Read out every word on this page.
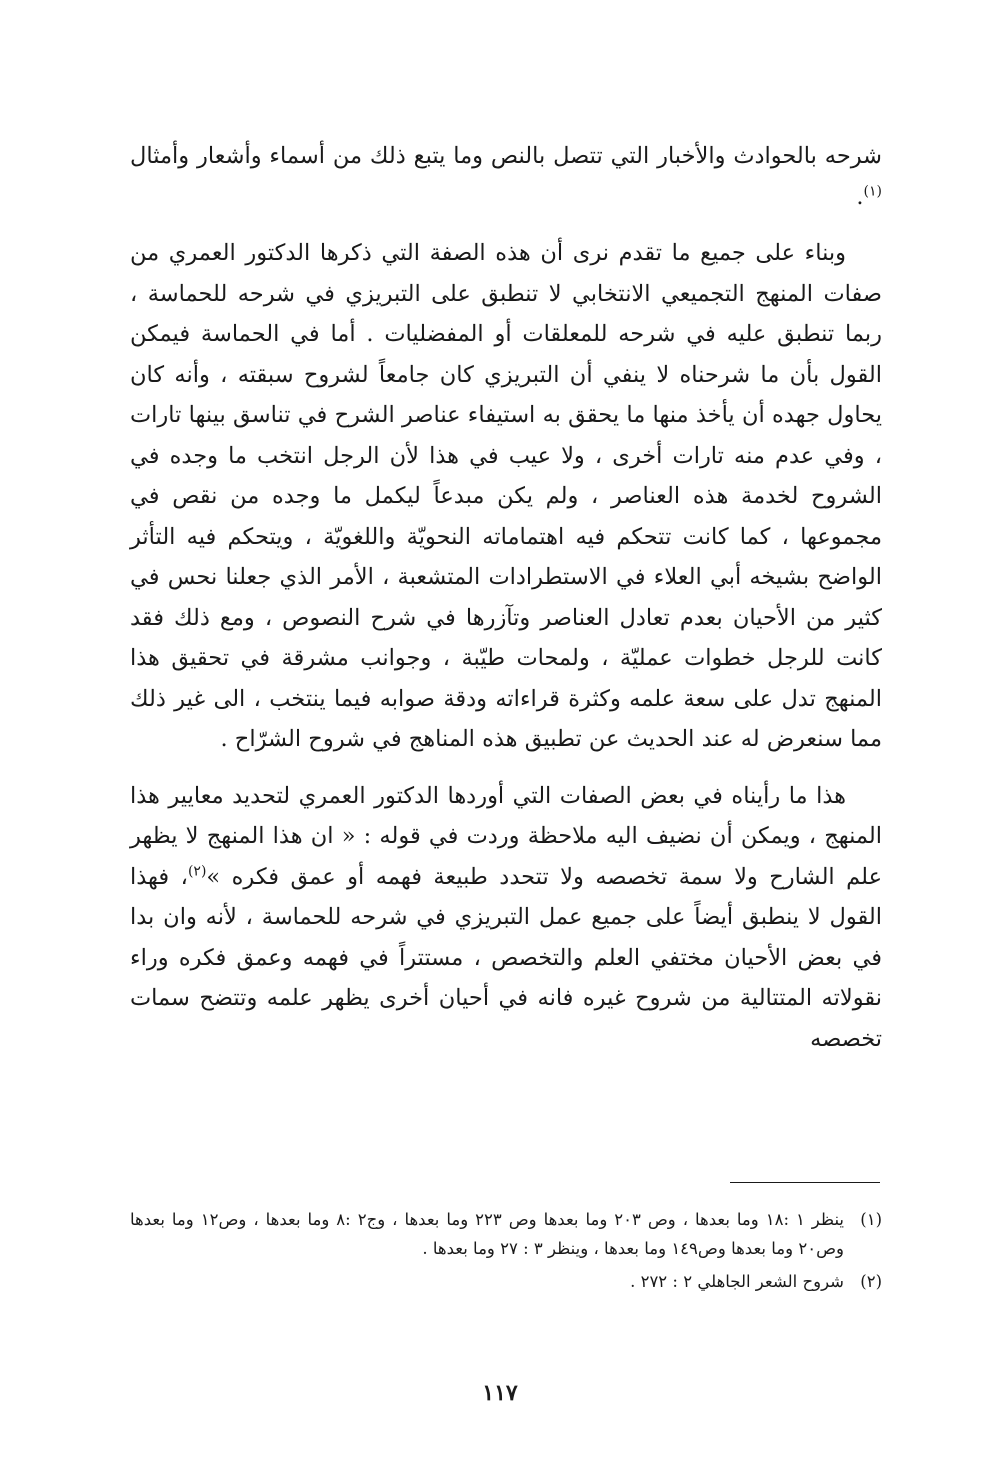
شرحه بالحوادث والأخبار التي تتصل بالنص وما يتبع ذلك من أسماء وأشعار وأمثال $^{(١)}$.

وبناء على جميع ما تقدم نرى أن هذه الصفة التي ذكرها الدكتور العمري من صفات المنهج التجميعي الانتخابي لا تنطبق على التبريزي في شرحه للحماسة ، ربما تنطبق عليه في شرحه للمعلقات أو المفضليات . أما في الحماسة فيمكن القول بأن ما شرحناه لا ينفي أن التبريزي كان جامعاً لشروح سبقته ، وأنه كان يحاول جهده أن يأخذ منها ما يحقق به استيفاء عناصر الشرح في تناسق بينها تارات ، وفي عدم منه تارات أخرى ، ولا عيب في هذا لأن الرجل انتخب ما وجده في الشروح لخدمة هذه العناصر ، ولم يكن مبدعاً ليكمل ما وجده من نقص في مجموعها ، كما كانت تتحكم فيه اهتماماته النحويّة واللغويّة ، ويتحكم فيه التأثر الواضح بشيخه أبي العلاء في الاستطرادات المتشعبة ، الأمر الذي جعلنا نحس في كثير من الأحيان بعدم تعادل العناصر وتآزرها في شرح النصوص ، ومع ذلك فقد كانت للرجل خطوات عمليّة ، ولمحات طيّبة ، وجوانب مشرقة في تحقيق هذا المنهج تدل على سعة علمه وكثرة قراءاته ودقة صوابه فيما ينتخب ، الى غير ذلك مما سنعرض له عند الحديث عن تطبيق هذه المناهج في شروح الشرّاح .

هذا ما رأيناه في بعض الصفات التي أوردها الدكتور العمري لتحديد معايير هذا المنهج ، ويمكن أن نضيف اليه ملاحظة وردت في قوله : « ان هذا المنهج لا يظهر علم الشارح ولا سمة تخصصه ولا تتحدد طبيعة فهمه أو عمق فكره »$^{(٢)}$، فهذا القول لا ينطبق أيضاً على جميع عمل التبريزي في شرحه للحماسة ، لأنه وان بدا في بعض الأحيان مختفي العلم والتخصص ، مستتراً في فهمه وعمق فكره وراء نقولاته المتتالية من شروح غيره فانه في أحيان أخرى يظهر علمه وتتضح سمات تخصصه

(١)
ينظر ١ :١٨ وما بعدها ، وص ٢٠٣ وما بعدها وص ٢٢٣ وما بعدها ، وج٢ :٨ وما بعدها ، وص١٢ وما بعدها وص٢٠ وما بعدها وص١٤٩ وما بعدها ، وينظر ٣ : ٢٧ وما بعدها .

(٢)
شروح الشعر الجاهلي ٢ : ٢٧٢ .

١١٧
